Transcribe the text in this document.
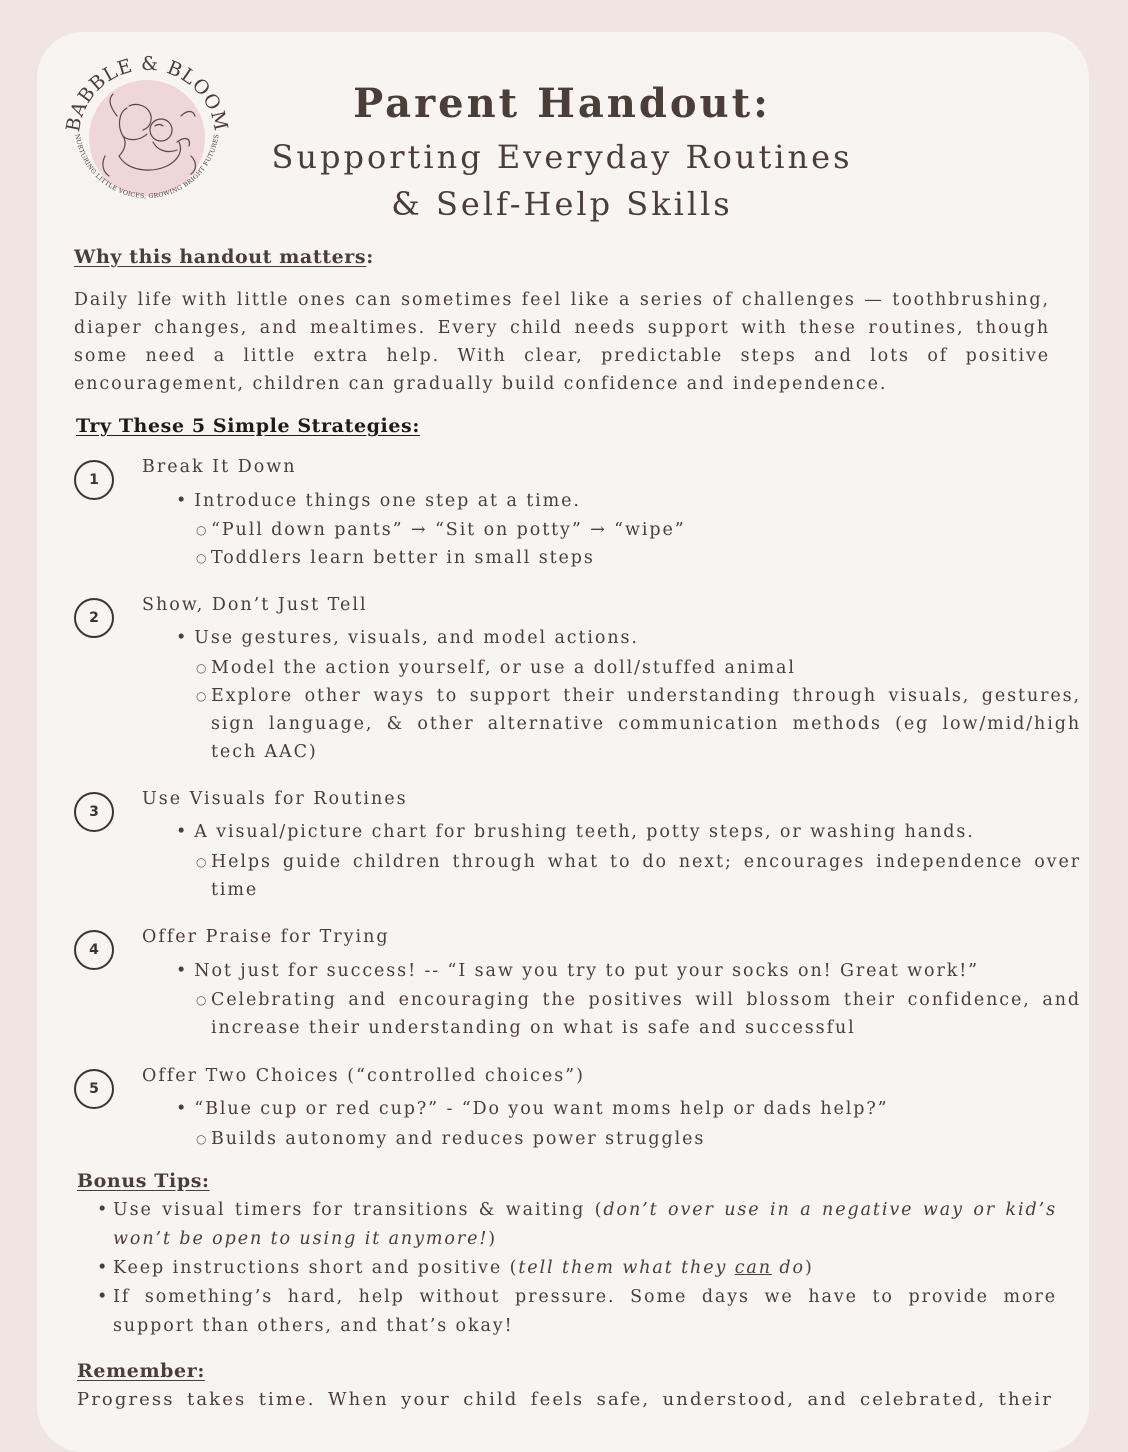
BABBLE & BLOOM
NURTURING LITTLE VOICES, GROWING BRIGHT FUTURES
Parent Handout:
Supporting Everyday Routines
& Self-Help Skills
Why this handout matters:
Daily life with little ones can sometimes feel like a series of challenges — toothbrushing, diaper changes, and mealtimes. Every child needs support with these routines, though some need a little extra help. With clear, predictable steps and lots of positive encouragement, children can gradually build confidence and independence.
Try These 5 Simple Strategies:
1
Break It Down
• Introduce things one step at a time.
○ “Pull down pants” → “Sit on potty” → “wipe”
○ Toddlers learn better in small steps
2
Show, Don’t Just Tell
• Use gestures, visuals, and model actions.
○ Model the action yourself, or use a doll/stuffed animal
○ Explore other ways to support their understanding through visuals, gestures, sign language, & other alternative communication methods (eg low/mid/high tech AAC)
3
Use Visuals for Routines
• A visual/picture chart for brushing teeth, potty steps, or washing hands.
○ Helps guide children through what to do next; encourages independence over time
4
Offer Praise for Trying
• Not just for success! -- “I saw you try to put your socks on! Great work!”
○ Celebrating and encouraging the positives will blossom their confidence, and increase their understanding on what is safe and successful
5
Offer Two Choices (“controlled choices”)
• “Blue cup or red cup?” - “Do you want moms help or dads help?”
○ Builds autonomy and reduces power struggles
Bonus Tips:
• Use visual timers for transitions & waiting (don’t over use in a negative way or kid’s won’t be open to using it anymore!)
• Keep instructions short and positive (tell them what they can do)
• If something’s hard, help without pressure. Some days we have to provide more support than others, and that’s okay!
Remember:
Progress takes time. When your child feels safe, understood, and celebrated, their
